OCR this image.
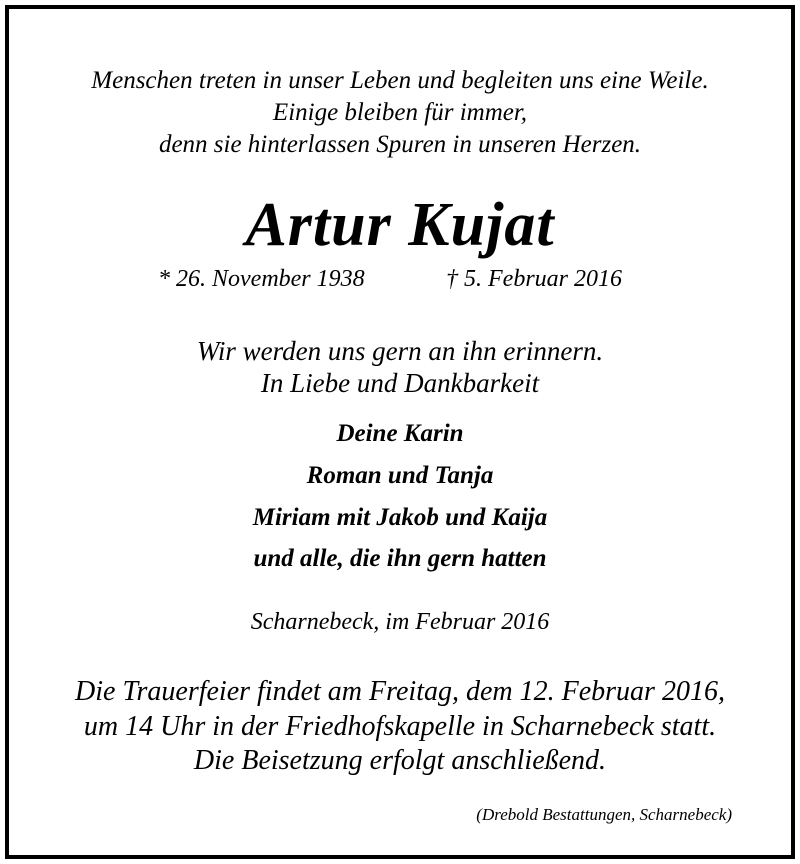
Menschen treten in unser Leben und begleiten uns eine Weile.
Einige bleiben für immer,
denn sie hinterlassen Spuren in unseren Herzen.
Artur Kujat
* 26. November 1938	† 5. Februar 2016
Wir werden uns gern an ihn erinnern.
In Liebe und Dankbarkeit
Deine Karin
Roman und Tanja
Miriam mit Jakob und Kaija
und alle, die ihn gern hatten
Scharnebeck, im Februar 2016
Die Trauerfeier findet am Freitag, dem 12. Februar 2016,
um 14 Uhr in der Friedhofskapelle in Scharnebeck statt.
Die Beisetzung erfolgt anschließend.
(Drebold Bestattungen, Scharnebeck)
